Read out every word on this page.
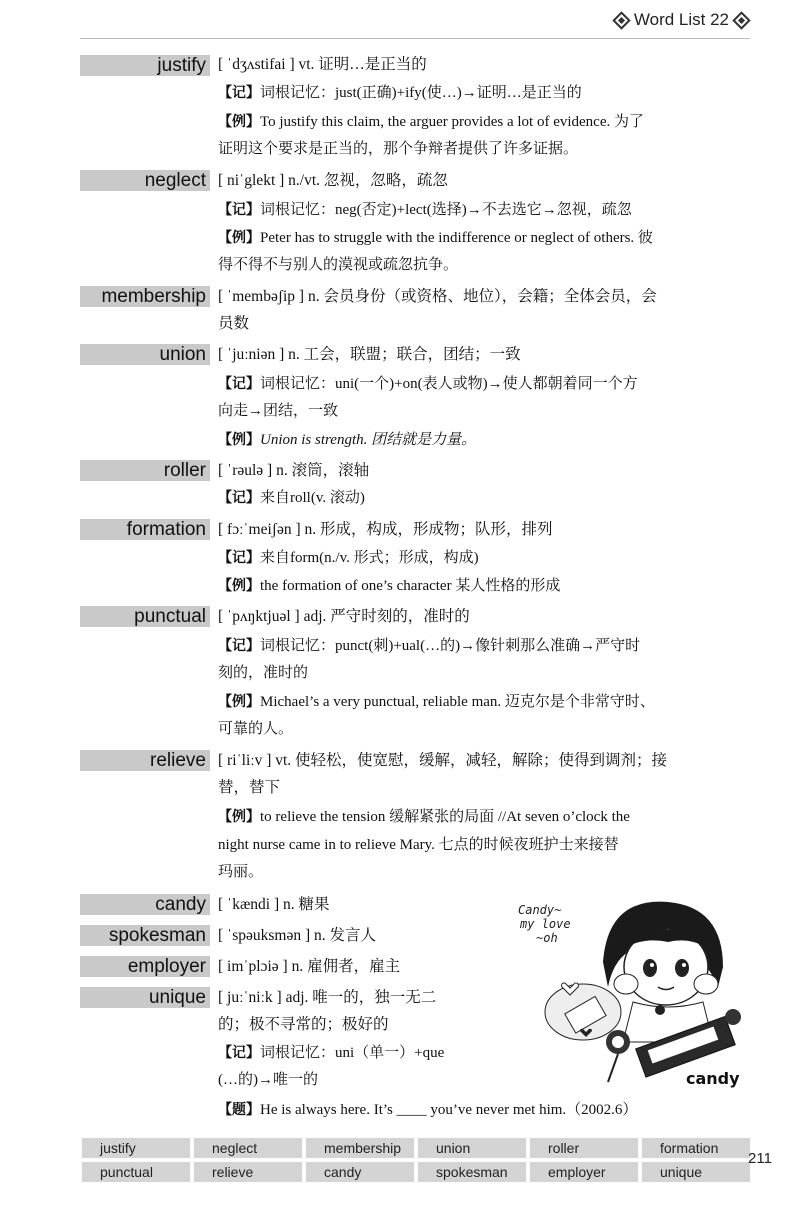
Word List 22
justify [ ˈdʒʌstifai ] vt. 证明…是正当的
【记】词根记忆：just(正确)+ify(使…)→证明…是正当的
【例】To justify this claim, the arguer provides a lot of evidence. 为了
证明这个要求是正当的，那个争辩者提供了许多证据。
neglect [ niˈglekt ] n./vt. 忽视，忽略，疏忽
【记】词根记忆：neg(否定)+lect(选择)→不去选它→忽视，疏忽
【例】Peter has to struggle with the indifference or neglect of others. 彼
得不得不与别人的漠视或疏忽抗争。
membership [ ˈmembəʃip ] n. 会员身份（或资格、地位），会籍；全体会员，会
员数
union [ ˈjuːniən ] n. 工会，联盟；联合，团结；一致
【记】词根记忆：uni(一个)+on(表人或物)→使人都朝着同一个方
向走→团结，一致
【例】Union is strength. 团结就是力量。
roller [ ˈrəulə ] n. 滚筒，滚轴
【记】来自roll(v. 滚动)
formation [ fɔːˈmeiʃən ] n. 形成，构成，形成物；队形，排列
【记】来自form(n./v. 形式；形成，构成)
【例】the formation of one’s character 某人性格的形成
punctual [ ˈpʌŋktjuəl ] adj. 严守时刻的，准时的
【记】词根记忆：punct(刺)+ual(…的)→像针刺那么准确→严守时
刻的，准时的
【例】Michael’s a very punctual, reliable man. 迈克尔是个非常守时、
可靠的人。
relieve [ riˈliːv ] vt. 使轻松，使宽慰，缓解，减轻，解除；使得到调剂；接
替，替下
【例】to relieve the tension 缓解紧张的局面 //At seven o’clock the
night nurse came in to relieve Mary. 七点的时候夜班护士来接替
玛丽。
candy [ ˈkændi ] n. 糖果
spokesman [ ˈspəuksmən ] n. 发言人
employer [ imˈplɔiə ] n. 雇佣者，雇主
unique [ juːˈniːk ] adj. 唯一的，独一无二
的；极不寻常的；极好的
【记】词根记忆：uni（单一）+que
(…的)→唯一的
【题】He is always here. It’s ____ you’ve never met him.（2002.6）
Candy~
my love
~oh
candy
justify	neglect	membership	union	roller	formation
punctual	relieve	candy	spokesman	employer	unique
211
